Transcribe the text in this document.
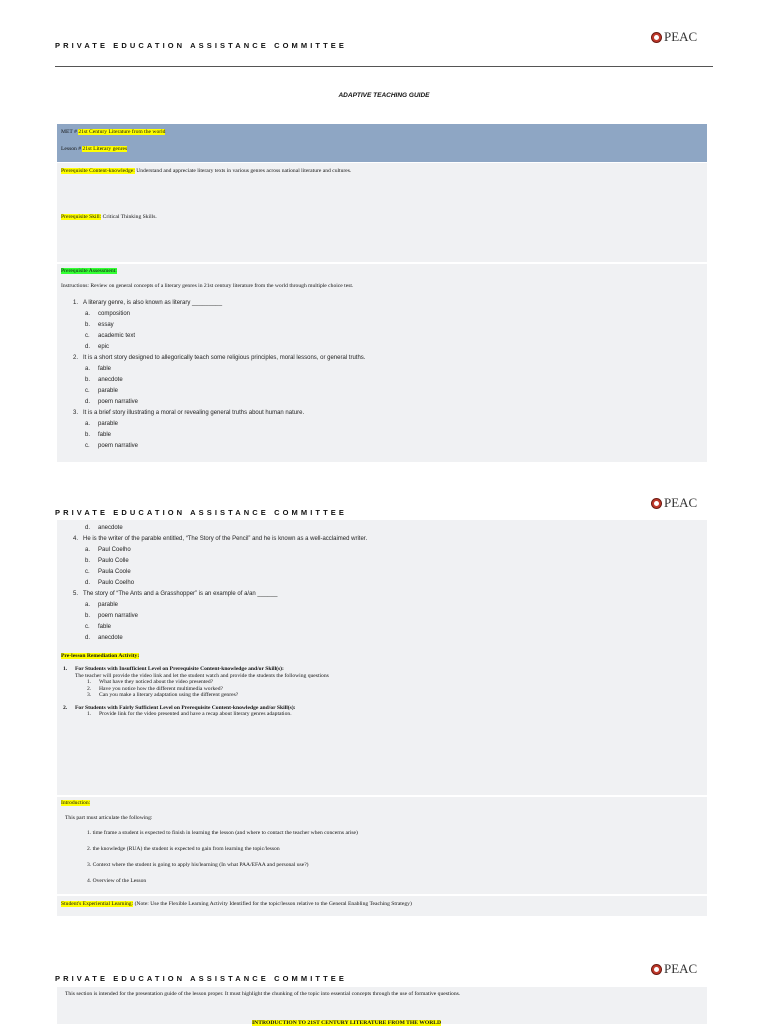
PRIVATE EDUCATION ASSISTANCE COMMITTEE
PEAC
ADAPTIVE TEACHING GUIDE
MET # 21st Century Literature from the world
Lesson # 21st Literary genres
Prerequisite Content-knowledge: Understand and appreciate literary texts in various genres across national literature and cultures.
Prerequisite Skill: Critical Thinking Skills.
Prerequisite Assessment:
Instructions: Review on general concepts of a literary genres in 21st century literature from the world through multiple choice test.
1. A literary genre, is also known as literary _________
a. composition
b. essay
c. academic text
d. epic
2. It is a short story designed to allegorically teach some religious principles, moral lessons, or general truths.
a. fable
b. anecdote
c. parable
d. poem narrative
3. It is a brief story illustrating a moral or revealing general truths about human nature.
a. parable
b. fable
c. poem narrative
PRIVATE EDUCATION ASSISTANCE COMMITTEE
PEAC
d. anecdote
4. He is the writer of the parable entitled, “The Story of the Pencil” and he is known as a well-acclaimed writer.
a. Paul Coelho
b. Paulo Colle
c. Paula Coole
d. Paulo Coelho
5. The story of “The Ants and a Grasshopper” is an example of a/an ______
a. parable
b. poem narrative
c. fable
d. anecdote
Pre-lesson Remediation Activity:
1. For Students with Insufficient Level on Prerequisite Content-knowledge and/or Skill(s):
The teacher will provide the video link and let the student watch and provide the students the following questions
1. What have they noticed about the video presented?
2. Have you notice how the different multimedia worked?
3. Can you make a literary adaptation using the different genres?
2. For Students with Fairly Sufficient Level on Prerequisite Content-knowledge and/or Skill(s):
1. Provide link for the video presented and have a recap about literary genres adaptation.
Introduction:
This part must articulate the following:
1. time frame a student is expected to finish in learning the lesson (and where to contact the teacher when concerns arise)
2. the knowledge (RUA) the student is expected to gain from learning the topic/lesson
3. Context where the student is going to apply his/learning (In what PAA/EFAA and personal use?)
4. Overview of the Lesson
Student's Experiential Learning: (Note: Use the Flexible Learning Activity Identified for the topic/lesson relative to the General Enabling Teaching Strategy)
PRIVATE EDUCATION ASSISTANCE COMMITTEE
PEAC
This section is intended for the presentation guide of the lesson proper. It must highlight the chunking of the topic into essential concepts through the use of formative questions.
INTRODUCTION TO 21ST CENTURY LITERATURE FROM THE WORLD
